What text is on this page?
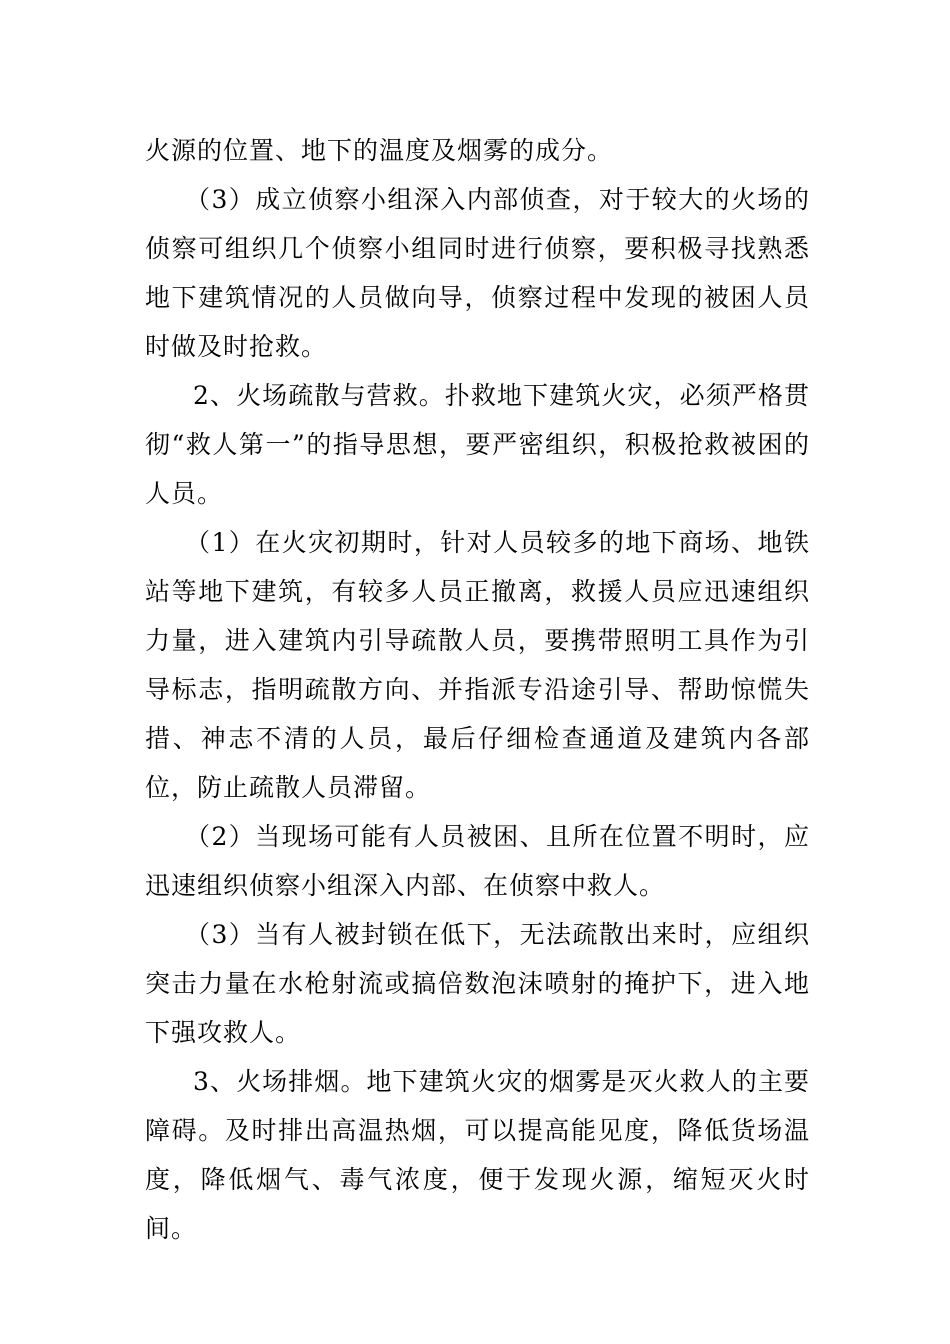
火源的位置、地下的温度及烟雾的成分。

（3）成立侦察小组深入内部侦查，对于较大的火场的侦察可组织几个侦察小组同时进行侦察，要积极寻找熟悉地下建筑情况的人员做向导，侦察过程中发现的被困人员时做及时抢救。

2、火场疏散与营救。扑救地下建筑火灾，必须严格贯彻“救人第一”的指导思想，要严密组织，积极抢救被困的人员。

（1）在火灾初期时，针对人员较多的地下商场、地铁站等地下建筑，有较多人员正撤离，救援人员应迅速组织力量，进入建筑内引导疏散人员，要携带照明工具作为引导标志，指明疏散方向、并指派专沿途引导、帮助惊慌失措、神志不清的人员，最后仔细检查通道及建筑内各部位，防止疏散人员滞留。

（2）当现场可能有人员被困、且所在位置不明时，应迅速组织侦察小组深入内部、在侦察中救人。

（3）当有人被封锁在低下，无法疏散出来时，应组织突击力量在水枪射流或搞倍数泡沫喷射的掩护下，进入地下强攻救人。

3、火场排烟。地下建筑火灾的烟雾是灭火救人的主要障碍。及时排出高温热烟，可以提高能见度，降低货场温度，降低烟气、毒气浓度，便于发现火源，缩短灭火时间。
